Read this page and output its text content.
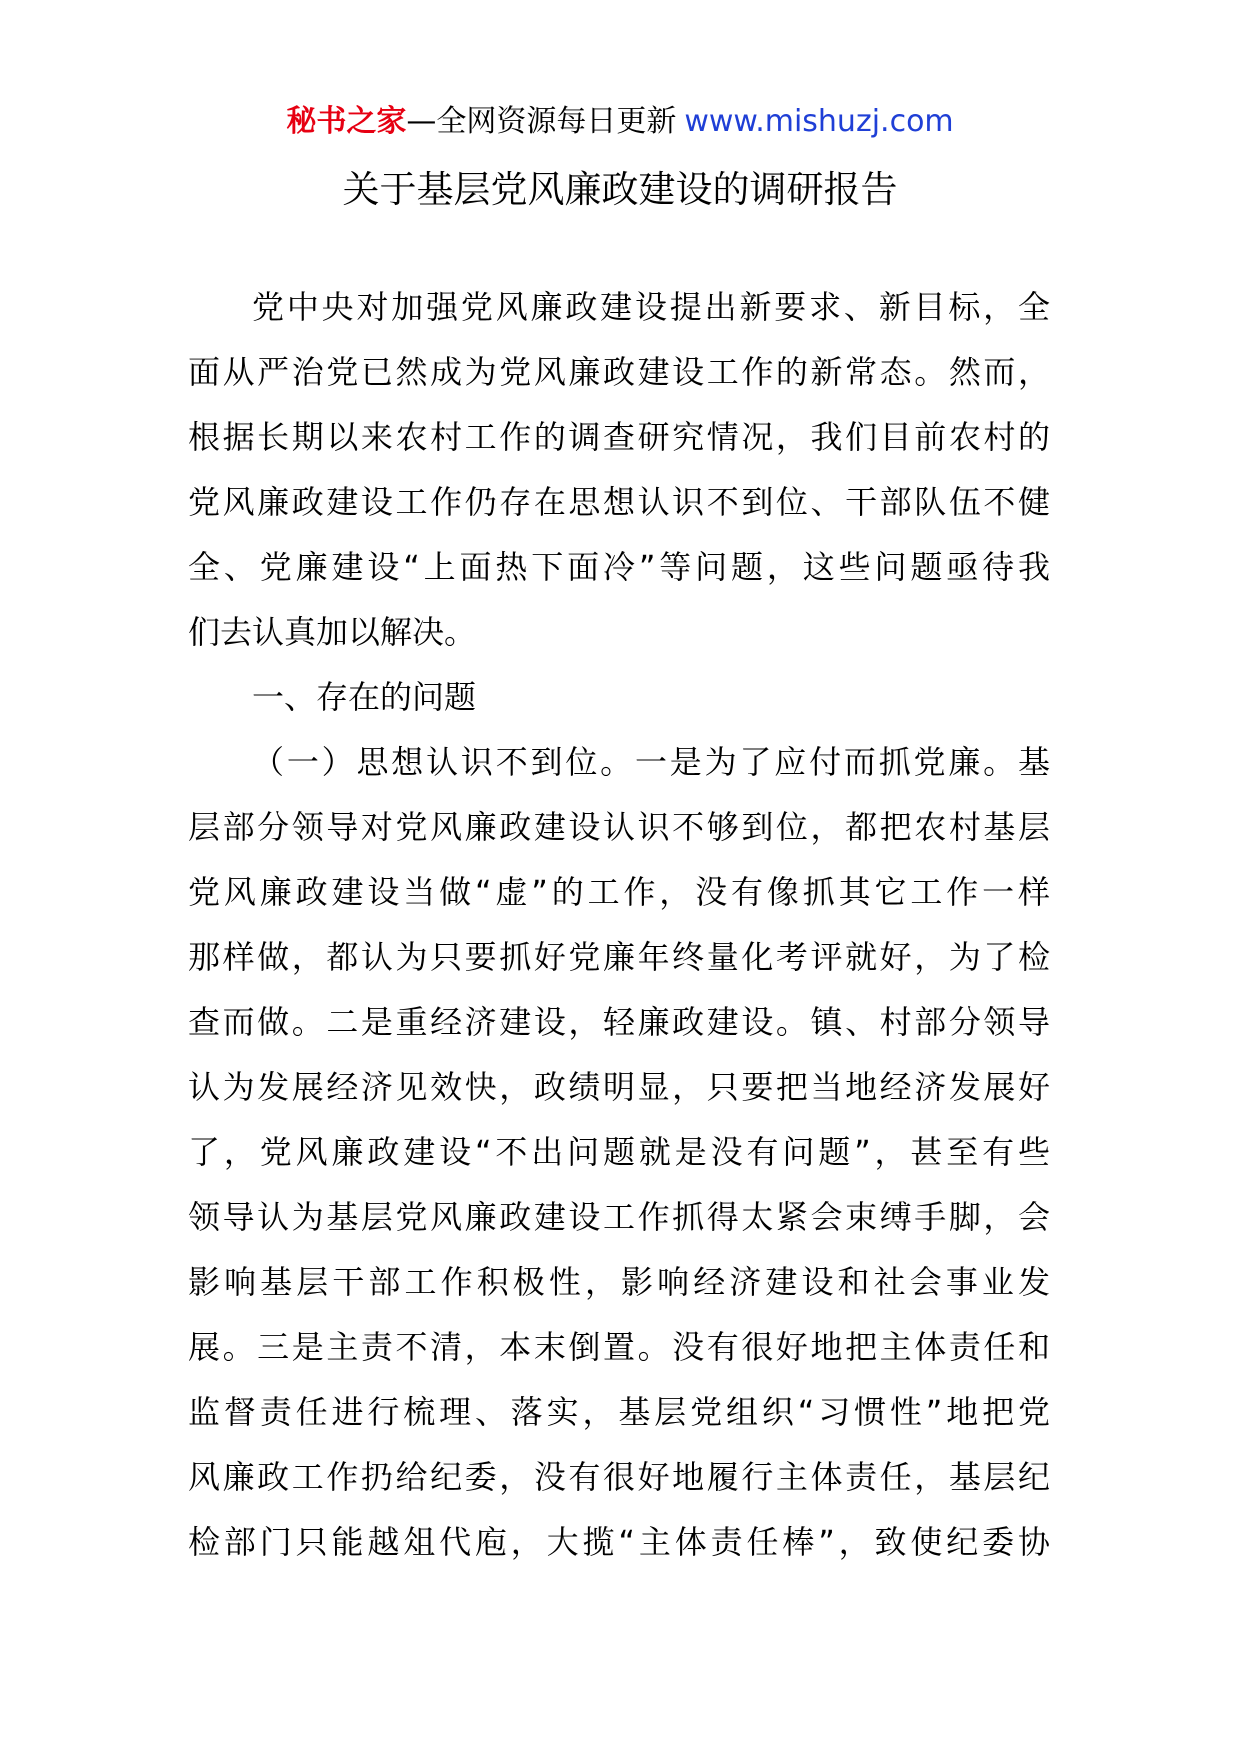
秘书之家—全网资源每日更新 www.mishuzj.com
关于基层党风廉政建设的调研报告
党中央对加强党风廉政建设提出新要求、新目标，全
面从严治党已然成为党风廉政建设工作的新常态。然而，
根据长期以来农村工作的调查研究情况，我们目前农村的
党风廉政建设工作仍存在思想认识不到位、干部队伍不健
全、党廉建设“上面热下面冷”等问题，这些问题亟待我
们去认真加以解决。
一、存在的问题
（一）思想认识不到位。一是为了应付而抓党廉。基
层部分领导对党风廉政建设认识不够到位，都把农村基层
党风廉政建设当做“虚”的工作，没有像抓其它工作一样
那样做，都认为只要抓好党廉年终量化考评就好，为了检
查而做。二是重经济建设，轻廉政建设。镇、村部分领导
认为发展经济见效快，政绩明显，只要把当地经济发展好
了，党风廉政建设“不出问题就是没有问题”，甚至有些
领导认为基层党风廉政建设工作抓得太紧会束缚手脚，会
影响基层干部工作积极性，影响经济建设和社会事业发
展。三是主责不清，本末倒置。没有很好地把主体责任和
监督责任进行梳理、落实，基层党组织“习惯性”地把党
风廉政工作扔给纪委，没有很好地履行主体责任，基层纪
检部门只能越俎代庖，大揽“主体责任棒”，致使纪委协
